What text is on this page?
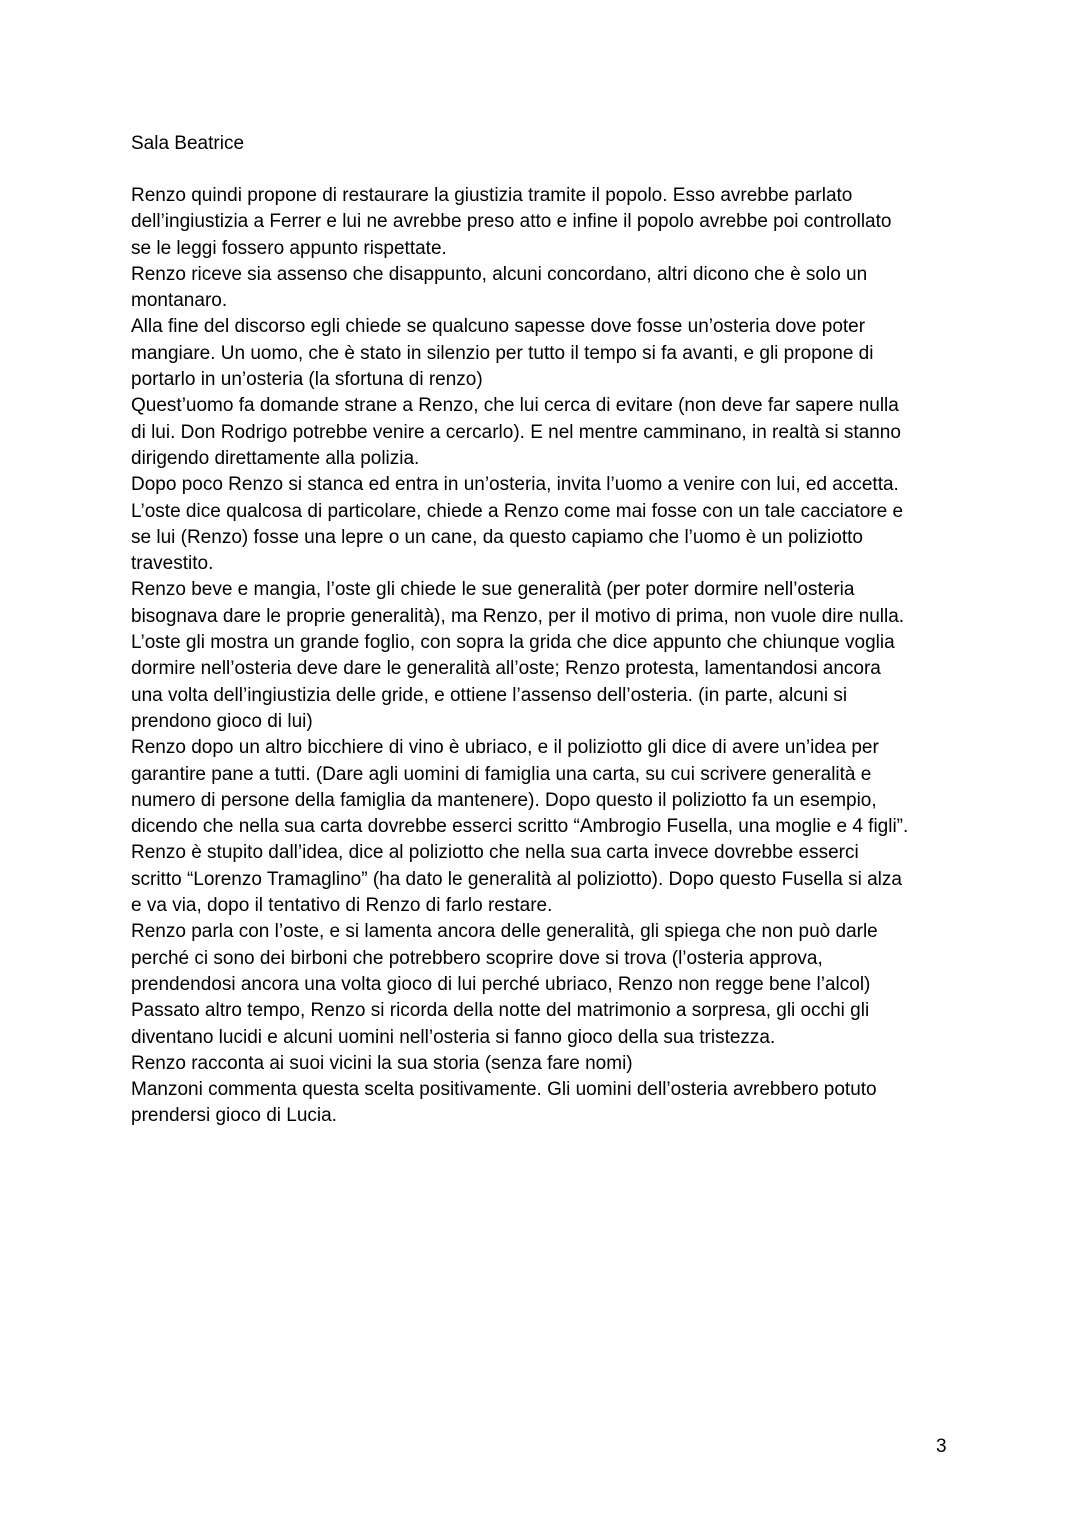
Sala Beatrice

Renzo quindi propone di restaurare la giustizia tramite il popolo. Esso avrebbe parlato
dell’ingiustizia a Ferrer e lui ne avrebbe preso atto e infine il popolo avrebbe poi controllato
se le leggi fossero appunto rispettate.
Renzo riceve sia assenso che disappunto, alcuni concordano, altri dicono che è solo un
montanaro.
Alla fine del discorso egli chiede se qualcuno sapesse dove fosse un’osteria dove poter
mangiare. Un uomo, che è stato in silenzio per tutto il tempo si fa avanti, e gli propone di
portarlo in un’osteria (la sfortuna di renzo)
Quest’uomo fa domande strane a Renzo, che lui cerca di evitare (non deve far sapere nulla
di lui. Don Rodrigo potrebbe venire a cercarlo). E nel mentre camminano, in realtà si stanno
dirigendo direttamente alla polizia.
Dopo poco Renzo si stanca ed entra in un’osteria, invita l’uomo a venire con lui, ed accetta.
L’oste dice qualcosa di particolare, chiede a Renzo come mai fosse con un tale cacciatore e
se lui (Renzo) fosse una lepre o un cane, da questo capiamo che l’uomo è un poliziotto
travestito.
Renzo beve e mangia, l’oste gli chiede le sue generalità (per poter dormire nell’osteria
bisognava dare le proprie generalità), ma Renzo, per il motivo di prima, non vuole dire nulla.
L’oste gli mostra un grande foglio, con sopra la grida che dice appunto che chiunque voglia
dormire nell’osteria deve dare le generalità all’oste; Renzo protesta, lamentandosi ancora
una volta dell’ingiustizia delle gride, e ottiene l’assenso dell’osteria. (in parte, alcuni si
prendono gioco di lui)
Renzo dopo un altro bicchiere di vino è ubriaco, e il poliziotto gli dice di avere un’idea per
garantire pane a tutti. (Dare agli uomini di famiglia una carta, su cui scrivere generalità e
numero di persone della famiglia da mantenere). Dopo questo il poliziotto fa un esempio,
dicendo che nella sua carta dovrebbe esserci scritto “Ambrogio Fusella, una moglie e 4 figli”.
Renzo è stupito dall’idea, dice al poliziotto che nella sua carta invece dovrebbe esserci
scritto “Lorenzo Tramaglino” (ha dato le generalità al poliziotto). Dopo questo Fusella si alza
e va via, dopo il tentativo di Renzo di farlo restare.
Renzo parla con l’oste, e si lamenta ancora delle generalità, gli spiega che non può darle
perché ci sono dei birboni che potrebbero scoprire dove si trova (l’osteria approva,
prendendosi ancora una volta gioco di lui perché ubriaco, Renzo non regge bene l’alcol)
Passato altro tempo, Renzo si ricorda della notte del matrimonio a sorpresa, gli occhi gli
diventano lucidi e alcuni uomini nell’osteria si fanno gioco della sua tristezza.
Renzo racconta ai suoi vicini la sua storia (senza fare nomi)
Manzoni commenta questa scelta positivamente. Gli uomini dell’osteria avrebbero potuto
prendersi gioco di Lucia.

3
